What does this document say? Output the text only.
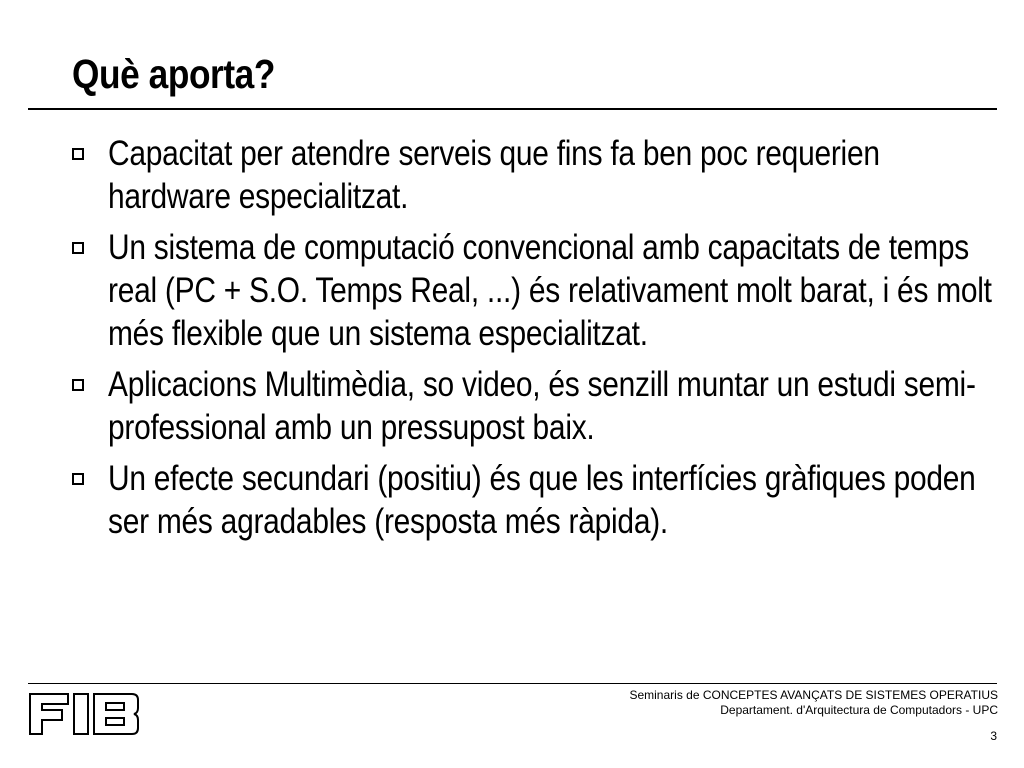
Què aporta?
Capacitat per atendre serveis que fins fa ben poc requerien hardware especialitzat.
Un sistema de computació convencional amb capacitats de temps real (PC + S.O. Temps Real, ...) és relativament molt barat, i és molt més flexible que un sistema especialitzat.
Aplicacions Multimèdia, so video, és senzill muntar un estudi semi-professional amb un pressupost baix.
Un efecte secundari (positiu) és que les interfícies gràfiques poden ser més agradables (resposta més ràpida).
Seminaris de CONCEPTES AVANÇATS DE SISTEMES OPERATIUS
Departament. d'Arquitectura de Computadors - UPC
3
